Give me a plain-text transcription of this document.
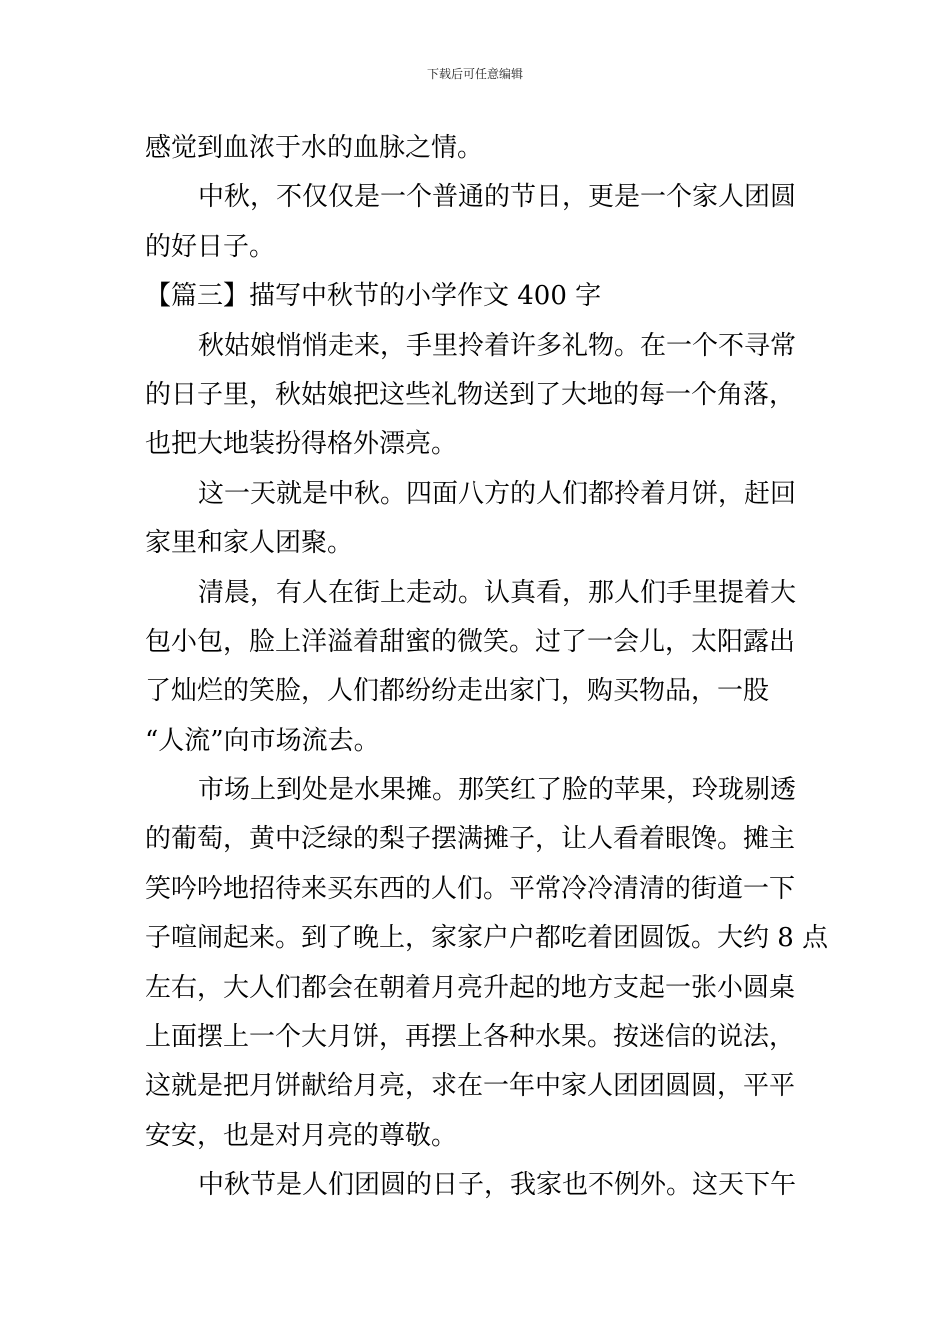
下载后可任意编辑
感觉到血浓于水的血脉之情。
中秋，不仅仅是一个普通的节日，更是一个家人团圆
的好日子。
【篇三】描写中秋节的小学作文 400 字
秋姑娘悄悄走来，手里拎着许多礼物。在一个不寻常
的日子里，秋姑娘把这些礼物送到了大地的每一个角落，
也把大地装扮得格外漂亮。
这一天就是中秋。四面八方的人们都拎着月饼，赶回
家里和家人团聚。
清晨，有人在街上走动。认真看，那人们手里提着大
包小包，脸上洋溢着甜蜜的微笑。过了一会儿，太阳露出
了灿烂的笑脸，人们都纷纷走出家门，购买物品，一股
“人流”向市场流去。
市场上到处是水果摊。那笑红了脸的苹果，玲珑剔透
的葡萄，黄中泛绿的梨子摆满摊子，让人看着眼馋。摊主
笑吟吟地招待来买东西的人们。平常冷冷清清的街道一下
子喧闹起来。到了晚上，家家户户都吃着团圆饭。大约 8 点
左右，大人们都会在朝着月亮升起的地方支起一张小圆桌
上面摆上一个大月饼，再摆上各种水果。按迷信的说法，
这就是把月饼献给月亮，求在一年中家人团团圆圆，平平
安安，也是对月亮的尊敬。
中秋节是人们团圆的日子，我家也不例外。这天下午
